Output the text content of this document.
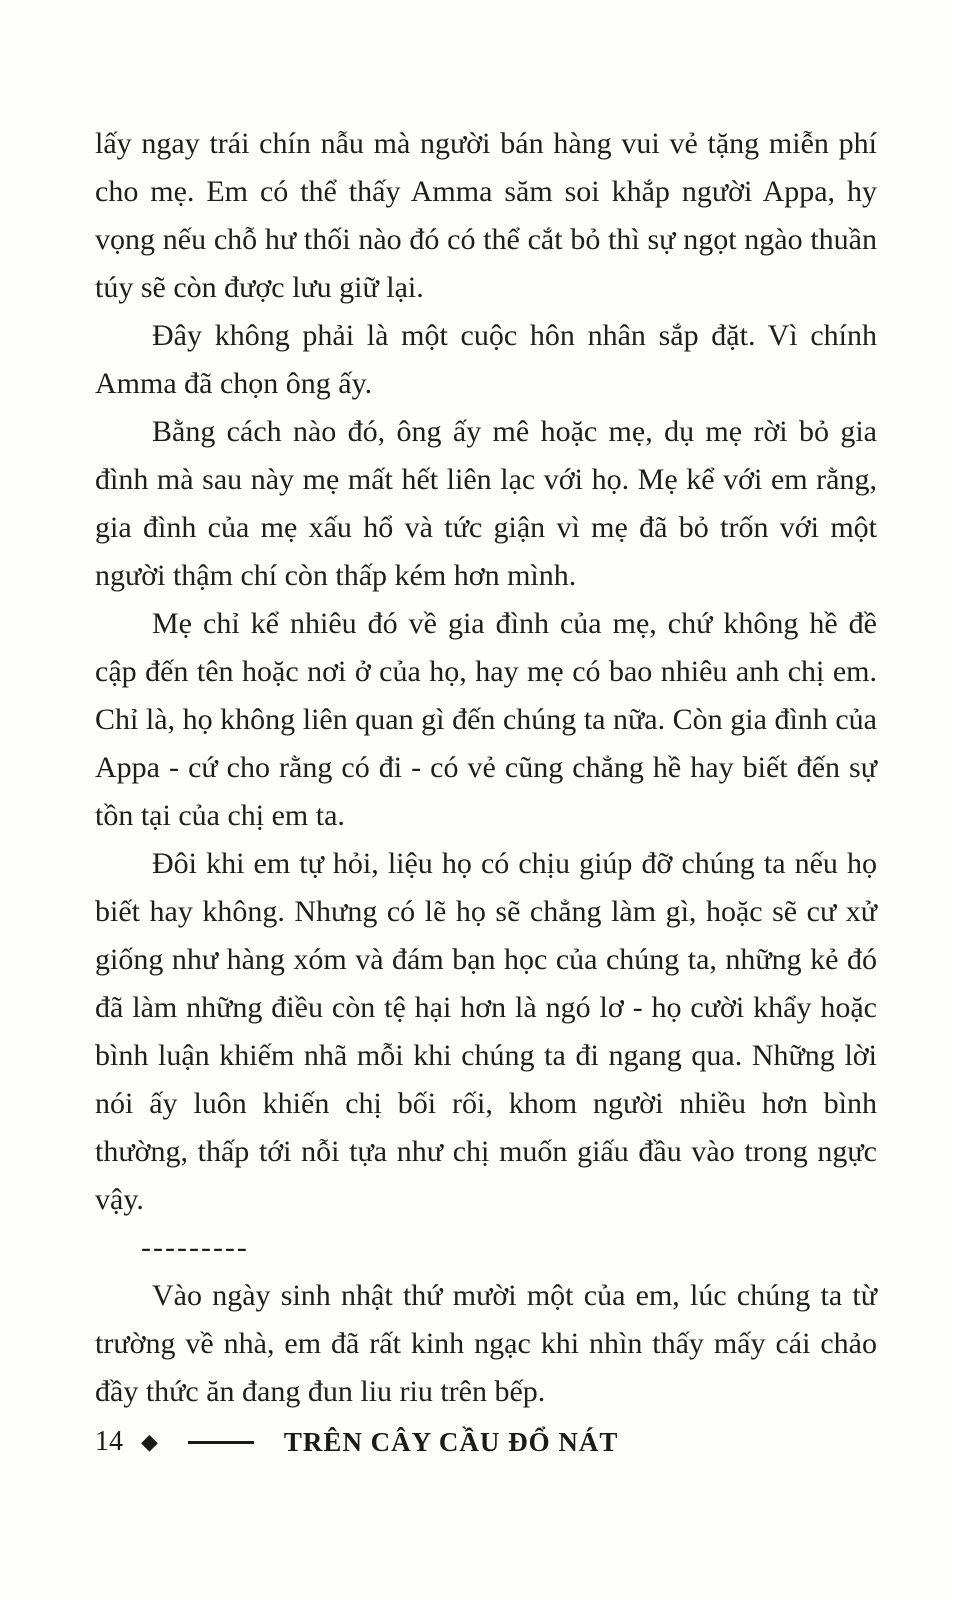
lấy ngay trái chín nẫu mà người bán hàng vui vẻ tặng miễn phí cho mẹ. Em có thể thấy Amma săm soi khắp người Appa, hy vọng nếu chỗ hư thối nào đó có thể cắt bỏ thì sự ngọt ngào thuần túy sẽ còn được lưu giữ lại.

Đây không phải là một cuộc hôn nhân sắp đặt. Vì chính Amma đã chọn ông ấy.

Bằng cách nào đó, ông ấy mê hoặc mẹ, dụ mẹ rời bỏ gia đình mà sau này mẹ mất hết liên lạc với họ. Mẹ kể với em rằng, gia đình của mẹ xấu hổ và tức giận vì mẹ đã bỏ trốn với một người thậm chí còn thấp kém hơn mình.

Mẹ chỉ kể nhiêu đó về gia đình của mẹ, chứ không hề đề cập đến tên hoặc nơi ở của họ, hay mẹ có bao nhiêu anh chị em. Chỉ là, họ không liên quan gì đến chúng ta nữa. Còn gia đình của Appa - cứ cho rằng có đi - có vẻ cũng chẳng hề hay biết đến sự tồn tại của chị em ta.

Đôi khi em tự hỏi, liệu họ có chịu giúp đỡ chúng ta nếu họ biết hay không. Nhưng có lẽ họ sẽ chẳng làm gì, hoặc sẽ cư xử giống như hàng xóm và đám bạn học của chúng ta, những kẻ đó đã làm những điều còn tệ hại hơn là ngó lơ - họ cười khẩy hoặc bình luận khiếm nhã mỗi khi chúng ta đi ngang qua. Những lời nói ấy luôn khiến chị bối rối, khom người nhiều hơn bình thường, thấp tới nỗi tựa như chị muốn giấu đầu vào trong ngực vậy.

---------

Vào ngày sinh nhật thứ mười một của em, lúc chúng ta từ trường về nhà, em đã rất kinh ngạc khi nhìn thấy mấy cái chảo đầy thức ăn đang đun liu riu trên bếp.

14 ◆	TRÊN CÂY CẦU ĐỔ NÁT
